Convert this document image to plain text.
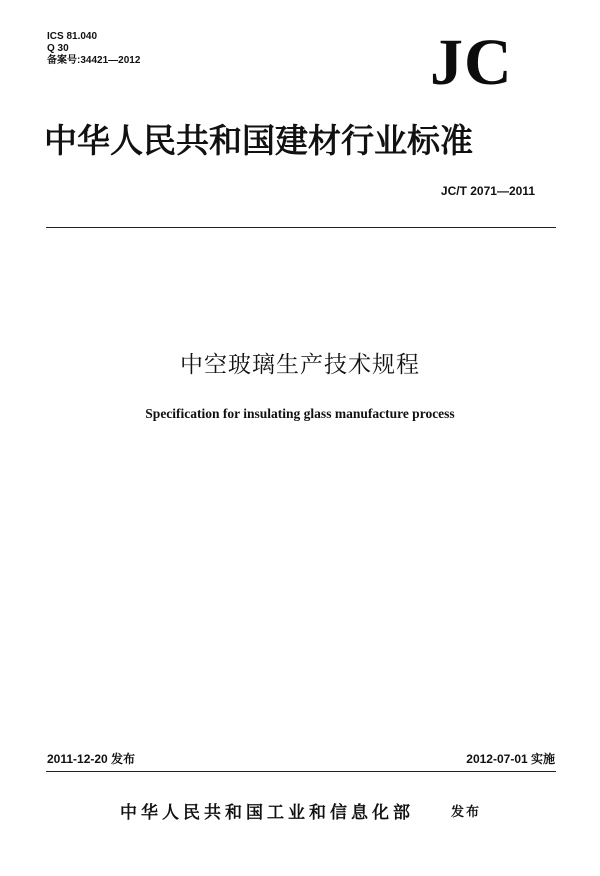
ICS 81.040
Q 30
备案号:34421—2012	JC
中华人民共和国建材行业标准
JC/T 2071—2011
中空玻璃生产技术规程
Specification for insulating glass manufacture process
2011-12-20 发布	2012-07-01 实施
中华人民共和国工业和信息化部	发布
